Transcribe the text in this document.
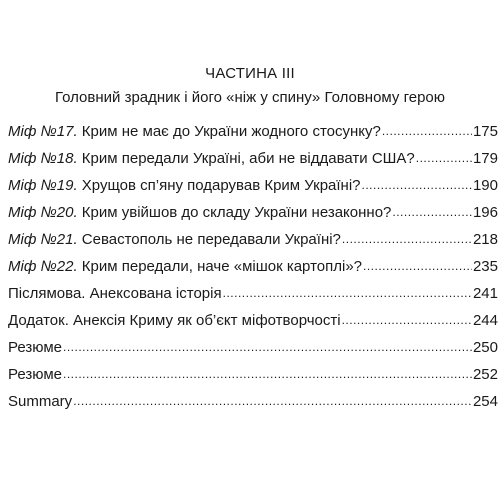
ЧАСТИНА III
Головний зрадник і його «ніж у спину» Головному герою
Міф №17. Крим не має до України жодного стосунку? .....	175
Міф №18. Крим передали Україні, аби не віддавати США? .....	179
Міф №19. Хрущов сп’яну подарував Крим Україні? .....	190
Міф №20. Крим увійшов до складу України незаконно? .....	196
Міф №21. Севастополь не передавали Україні? .....	218
Міф №22. Крим передали, наче «мішок картоплі»? .....	235
Післямова. Анексована історія .....	241
Додаток. Анексія Криму як об’єкт міфотворчості .....	244
Резюме .....	250
Резюме .....	252
Summary .....	254
